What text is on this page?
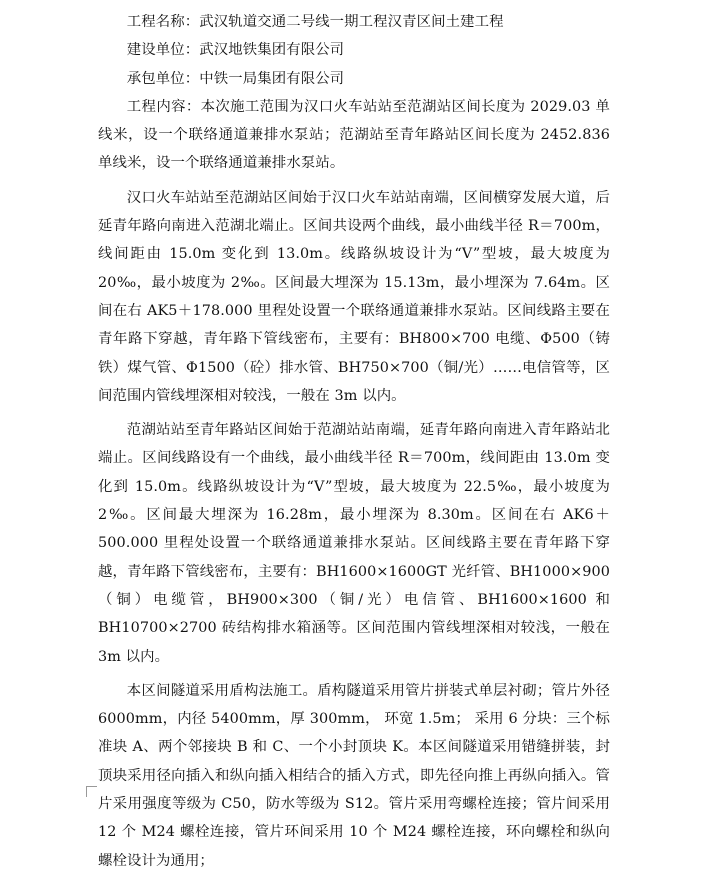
工程名称：武汉轨道交通二号线一期工程汉青区间土建工程
建设单位：武汉地铁集团有限公司
承包单位：中铁一局集团有限公司

工程内容：本次施工范围为汉口火车站站至范湖站区间长度为 2029.03 单线米，设一个联络通道兼排水泵站；范湖站至青年路站区间长度为 2452.836 单线米，设一个联络通道兼排水泵站。

汉口火车站站至范湖站区间始于汉口火车站站南端，区间横穿发展大道，后延青年路向南进入范湖北端止。区间共设两个曲线，最小曲线半径 R＝700m，线间距由 15.0m 变化到 13.0m。线路纵坡设计为“V”型坡，最大坡度为 20‰，最小坡度为 2‰。区间最大埋深为 15.13m，最小埋深为 7.64m。区间在右 AK5＋178.000 里程处设置一个联络通道兼排水泵站。区间线路主要在青年路下穿越，青年路下管线密布，主要有：BH800×700 电缆、Φ500（铸铁）煤气管、Φ1500（砼）排水管、BH750×700（铜/光）……电信管等，区间范围内管线埋深相对较浅，一般在 3m 以内。

范湖站站至青年路站区间始于范湖站站南端，延青年路向南进入青年路站北端止。区间线路设有一个曲线，最小曲线半径 R＝700m，线间距由 13.0m 变化到 15.0m。线路纵坡设计为“V”型坡，最大坡度为 22.5‰，最小坡度为 2‰。区间最大埋深为 16.28m，最小埋深为 8.30m。区间在右 AK6＋500.000 里程处设置一个联络通道兼排水泵站。区间线路主要在青年路下穿越，青年路下管线密布，主要有：BH1600×1600GT 光纤管、BH1000×900（铜）电缆管，BH900×300（铜/光）电信管、BH1600×1600 和 BH10700×2700 砖结构排水箱涵等。区间范围内管线埋深相对较浅，一般在 3m 以内。

本区间隧道采用盾构法施工。盾构隧道采用管片拼装式单层衬砌；管片外径 6000mm，内径 5400mm，厚 300mm， 环宽 1.5m； 采用 6 分块：三个标准块 A、两个邻接块 B 和 C、一个小封顶块 K。本区间隧道采用错缝拼装，封顶块采用径向插入和纵向插入相结合的插入方式，即先径向推上再纵向插入。管片采用强度等级为 C50，防水等级为 S12。管片采用弯螺栓连接；管片间采用 12 个 M24 螺栓连接，管片环间采用 10 个 M24 螺栓连接，环向螺栓和纵向螺栓设计为通用；
